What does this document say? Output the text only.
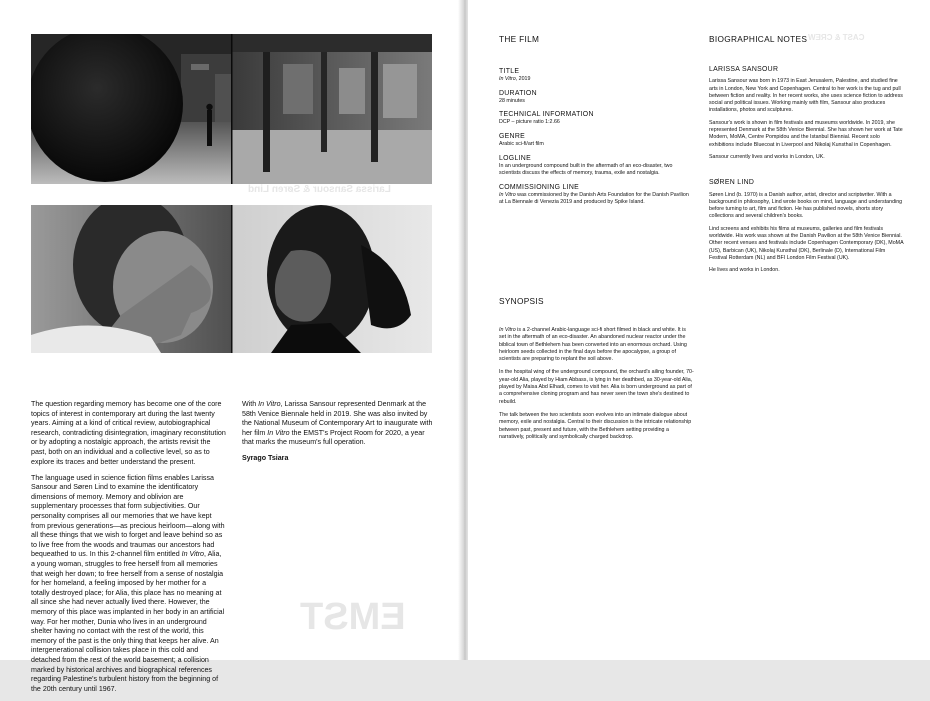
Larissa Sansour & Søren Lind
EMST

The question regarding memory has become one of the core topics of interest in contemporary art during the last twenty years. Aiming at a kind of critical review, autobiographical research, contradicting disintegration, imaginary reconstitution or by adopting a nostalgic approach, the artists revisit the past, both on an individual and a collective level, so as to explore its traces and better understand the present.

The language used in science fiction films enables Larissa Sansour and Søren Lind to examine the identificatory dimensions of memory. Memory and oblivion are supplementary processes that form subjectivities. Our personality comprises all our memories that we have kept from previous generations—as precious heirloom—along with all these things that we wish to forget and leave behind so as to live free from the woods and traumas our ancestors had bequeathed to us. In this 2-channel film entitled In Vitro, Alia, a young woman, struggles to free herself from all memories that weigh her down; to free herself from a sense of nostalgia for her homeland, a feeling imposed by her mother for a totally destroyed place; for Alia, this place has no meaning at all since she had never actually lived there. However, the memory of this place was implanted in her body in an artificial way. For her mother, Dunia who lives in an underground shelter having no contact with the rest of the world, this memory of the past is the only thing that keeps her alive. An intergenerational collision takes place in this cold and detached from the rest of the world basement; a collision marked by historical archives and biographical references regarding Palestine's turbulent history from the beginning of the 20th century until 1967.

With In Vitro, Larissa Sansour represented Denmark at the 58th Venice Biennale held in 2019. She was also invited by the National Museum of Contemporary Art to inaugurate with her film In Vitro the EMST's Project Room for 2020, a year that marks the museum's full operation.

Syrago Tsiara

CAST & CREW
THE FILM	BIOGRAPHICAL NOTES

TITLE

In Vitro, 2019

DURATION

28 minutes

TECHNICAL INFORMATION

DCP – picture ratio 1:2.66

GENRE

Arabic sci-fi/art film

LOGLINE

In an underground compound built in the aftermath of an eco-disaster, two scientists discuss the effects of memory, trauma, exile and nostalgia.

COMMISSIONING LINE

In Vitro was commissioned by the Danish Arts Foundation for the Danish Pavilion at La Biennale di Venezia 2019 and produced by Spike Island.

SYNOPSIS

In Vitro is a 2-channel Arabic-language sci-fi short filmed in black and white. It is set in the aftermath of an eco-disaster. An abandoned nuclear reactor under the biblical town of Bethlehem has been converted into an enormous orchard. Using heirloom seeds collected in the final days before the apocalypse, a group of scientists are preparing to replant the soil above.

In the hospital wing of the underground compound, the orchard's ailing founder, 70-year-old Alia, played by Hiam Abbass, is lying in her deathbed, as 30-year-old Alia, played by Maisa Abd Elhadi, comes to visit her. Alia is born underground as part of a comprehensive cloning program and has never seen the town she's destined to rebuild.

The talk between the two scientists soon evolves into an intimate dialogue about memory, exile and nostalgia. Central to their discussion is the intricate relationship between past, present and future, with the Bethlehem setting providing a narratively, politically and symbolically charged backdrop.

LARISSA SANSOUR

Larissa Sansour was born in 1973 in East Jerusalem, Palestine, and studied fine arts in London, New York and Copenhagen. Central to her work is the tug and pull between fiction and reality. In her recent works, she uses science fiction to address social and political issues. Working mainly with film, Sansour also produces installations, photos and sculptures.

Sansour's work is shown in film festivals and museums worldwide. In 2019, she represented Denmark at the 58th Venice Biennial. She has shown her work at Tate Modern, MoMA, Centre Pompidou and the Istanbul Biennial. Recent solo exhibitions include Bluecoat in Liverpool and Nikolaj Kunsthal in Copenhagen.

Sansour currently lives and works in London, UK.

SØREN LIND

Søren Lind (b. 1970) is a Danish author, artist, director and scriptwriter. With a background in philosophy, Lind wrote books on mind, language and understanding before turning to art, film and fiction. He has published novels, shorts story collections and several children's books.

Lind screens and exhibits his films at museums, galleries and film festivals worldwide. His work was shown at the Danish Pavilion at the 58th Venice Biennial. Other recent venues and festivals include Copenhagen Contemporary (DK), MoMA (US), Barbican (UK), Nikolaj Kunsthal (DK), Berlinale (D), International Film Festival Rotterdam (NL) and BFI London Film Festival (UK).

He lives and works in London.
